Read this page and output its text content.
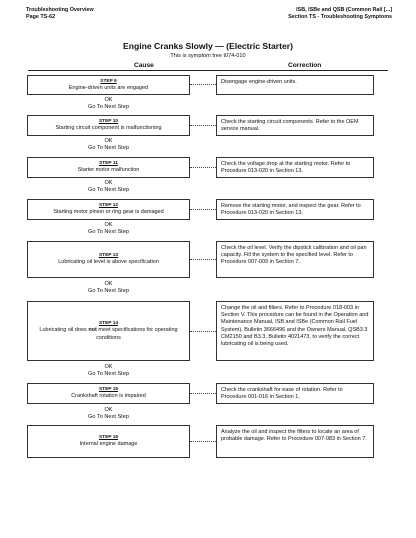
Troubleshooting Overview
Page TS-62
ISB, ISBe and QSB (Common Rail [...]
Section TS - Troubleshooting Symptoms
Engine Cranks Slowly — (Electric Starter)
This is symptom tree t074-010
Cause	Correction
STEP 9
Engine-driven units are engaged
Disengage engine-driven units.
OK
Go To Next Step
STEP 10
Starting circuit component is malfunctioning
Check the starting circuit components. Refer to the OEM service manual.
OK
Go To Next Step
STEP 11
Starter motor malfunction
Check the voltage drop at the starting motor. Refer to Procedure 013-020 in Section 13.
OK
Go To Next Step
STEP 12
Starting motor pinion or ring gear is damaged
Remove the starting motor, and inspect the gear. Refer to Procedure 013-020 in Section 13.
OK
Go To Next Step
STEP 13
Lubricating oil level is above specification
Check the oil level. Verify the dipstick calibration and oil pan capacity. Fill the system to the specified level. Refer to Procedure 007-009 in Section 7.
OK
Go To Next Step
STEP 14
Lubricating oil does not meet specifications for operating conditions
Change the oil and filters. Refer to Procedure 018-003 in Section V. This procedure can be found in the Operation and Maintenance Manual, ISB and ISBe (Common Rail Fuel System), Bulletin 3666496 and the Owners Manual, QSB3.3 CM2150 and B3.3, Bulletin 4021473, to verify the correct lubricating oil is being used.
OK
Go To Next Step
STEP 15
Crankshaft rotation is impaired
Check the crankshaft for ease of rotation. Refer to Procedure 001-016 in Section 1.
OK
Go To Next Step
STEP 16
Internal engine damage
Analyze the oil and inspect the filters to locate an area of probable damage. Refer to Procedure 007-083 in Section 7.
